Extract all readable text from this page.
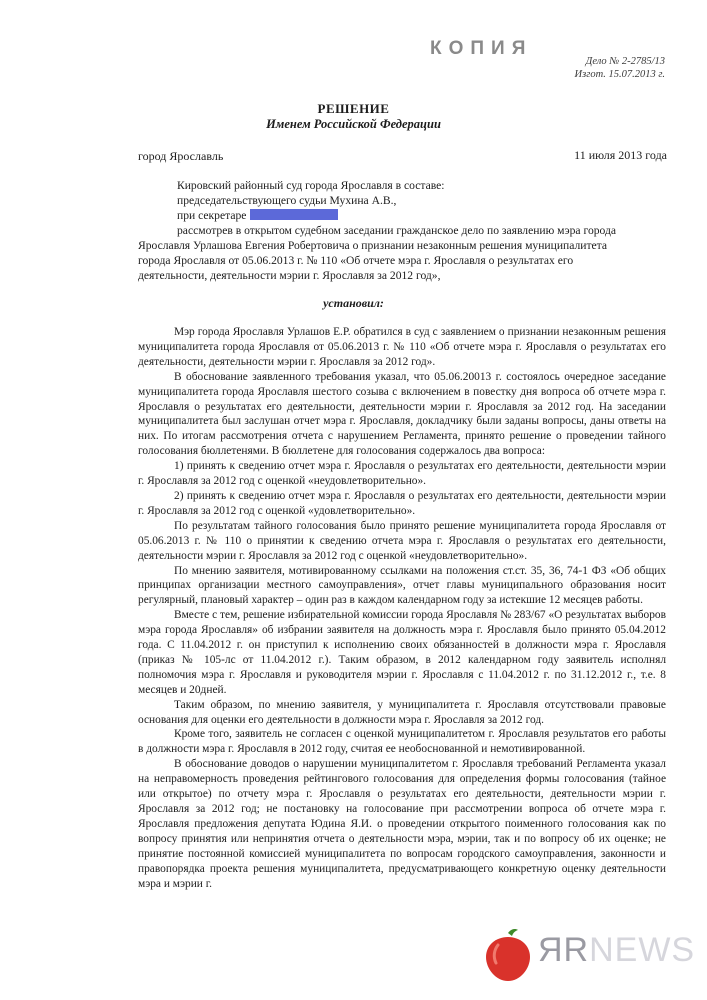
КОПИЯ
Дело № 2-2785/13
Изгот. 15.07.2013 г.
РЕШЕНИЕ
Именем Российской Федерации
город Ярославль	11 июля 2013 года
Кировский районный суд города Ярославля в составе:
председательствующего судьи Мухина А.В.,
при секретаре
рассмотрев в открытом судебном заседании гражданское дело по заявлению мэра города
Ярославля Урлашова Евгения Робертовича о признании незаконным решения муниципалитета
города Ярославля от 05.06.2013 г. № 110 «Об отчете мэра г. Ярославля о результатах его
деятельности, деятельности мэрии г. Ярославля за 2012 год»,
установил:

Мэр города Ярославля Урлашов Е.Р. обратился в суд с заявлением о признании незаконным решения муниципалитета города Ярославля от 05.06.2013 г. № 110 «Об отчете мэра г. Ярославля о результатах его деятельности, деятельности мэрии г. Ярославля за 2012 год».

В обоснование заявленного требования указал, что 05.06.20013 г. состоялось очередное заседание муниципалитета города Ярославля шестого созыва с включением в повестку дня вопроса об отчете мэра г. Ярославля о результатах его деятельности, деятельности мэрии г. Ярославля за 2012 год. На заседании муниципалитета был заслушан отчет мэра г. Ярославля, докладчику были заданы вопросы, даны ответы на них. По итогам рассмотрения отчета с нарушением Регламента, принято решение о проведении тайного голосования бюллетенями. В бюллетене для голосования содержалось два вопроса:

1) принять к сведению отчет мэра г. Ярославля о результатах его деятельности, деятельности мэрии г. Ярославля за 2012 год с оценкой «неудовлетворительно».

2) принять к сведению отчет мэра г. Ярославля о результатах его деятельности, деятельности мэрии г. Ярославля за 2012 год с оценкой «удовлетворительно».

По результатам тайного голосования было принято решение муниципалитета города Ярославля от 05.06.2013 г. № 110 о принятии к сведению отчета мэра г. Ярославля о результатах его деятельности, деятельности мэрии г. Ярославля за 2012 год с оценкой «неудовлетворительно».

По мнению заявителя, мотивированному ссылками на положения ст.ст. 35, 36, 74-1 ФЗ «Об общих принципах организации местного самоуправления», отчет главы муниципального образования носит регулярный, плановый характер – один раз в каждом календарном году за истекшие 12 месяцев работы.

Вместе с тем, решение избирательной комиссии города Ярославля № 283/67 «О результатах выборов мэра города Ярославля» об избрании заявителя на должность мэра г. Ярославля было принято 05.04.2012 года. С 11.04.2012 г. он приступил к исполнению своих обязанностей в должности мэра г. Ярославля (приказ № 105-лс от 11.04.2012 г.). Таким образом, в 2012 календарном году заявитель исполнял полномочия мэра г. Ярославля и руководителя мэрии г. Ярославля с 11.04.2012 г. по 31.12.2012 г., т.е. 8 месяцев и 20дней.

Таким образом, по мнению заявителя, у муниципалитета г. Ярославля отсутствовали правовые основания для оценки его деятельности в должности мэра г. Ярославля за 2012 год.

Кроме того, заявитель не согласен с оценкой муниципалитетом г. Ярославля результатов его работы в должности мэра г. Ярославля в 2012 году, считая ее необоснованной и немотивированной.

В обоснование доводов о нарушении муниципалитетом г. Ярославля требований Регламента указал на неправомерность проведения рейтингового голосования для определения формы голосования (тайное или открытое) по отчету мэра г. Ярославля о результатах его деятельности, деятельности мэрии г. Ярославля за 2012 год; не постановку на голосование при рассмотрении вопроса об отчете мэра г. Ярославля предложения депутата Юдина Я.И. о проведении открытого поименного голосования как по вопросу принятия или непринятия отчета о деятельности мэра, мэрии, так и по вопросу об их оценке; не принятие постоянной комиссией муниципалитета по вопросам городского самоуправления, законности и правопорядка проекта решения муниципалитета, предусматривающего конкретную оценку деятельности мэра и мэрии г.

ЯRNEWS
